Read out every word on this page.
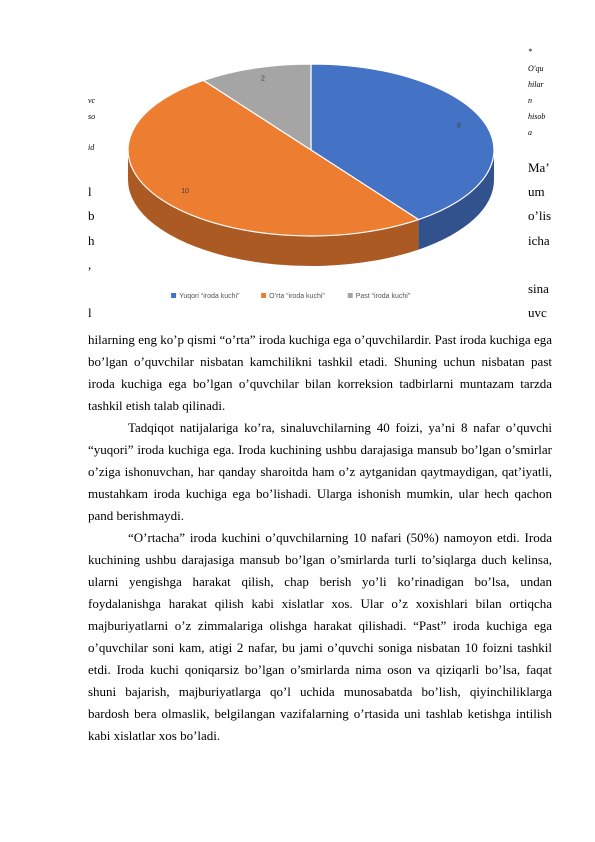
vc
so
id
l
b
h
,
l
*
O'qu
hilar
n
hisob
a
Ma’
um
o’lis
icha
sina
uvc
8
10
2
Yuqori “iroda kuchi”	O’rta “iroda kuchi”	Past “iroda kuchi”

hilarning eng ko’p qismi “o’rta” iroda kuchiga ega o’quvchilardir. Past iroda kuchiga ega bo’lgan o’quvchilar nisbatan kamchilikni tashkil etadi. Shuning uchun nisbatan past iroda kuchiga ega bo’lgan o’quvchilar bilan korreksion tadbirlarni muntazam tarzda tashkil etish talab qilinadi.

Tadqiqot natijalariga ko’ra, sinaluvchilarning 40 foizi, ya’ni 8 nafar o’quvchi “yuqori” iroda kuchiga ega. Iroda kuchining ushbu darajasiga mansub bo’lgan o’smirlar o’ziga ishonuvchan, har qanday sharoitda ham o’z aytganidan qaytmaydigan, qat’iyatli, mustahkam iroda kuchiga ega bo’lishadi. Ularga ishonish mumkin, ular hech qachon pand berishmaydi.

“O’rtacha” iroda kuchini o’quvchilarning 10 nafari (50%) namoyon etdi. Iroda kuchining ushbu darajasiga mansub bo’lgan o’smirlarda turli to’siqlarga duch kelinsa, ularni yengishga harakat qilish, chap berish yo’li ko’rinadigan bo’lsa, undan foydalanishga harakat qilish kabi xislatlar xos. Ular o’z xoxishlari bilan ortiqcha majburiyatlarni o’z zimmalariga olishga harakat qilishadi. “Past” iroda kuchiga ega o’quvchilar soni kam, atigi 2 nafar, bu jami o’quvchi soniga nisbatan 10 foizni tashkil etdi. Iroda kuchi qoniqarsiz bo’lgan o’smirlarda nima oson va qiziqarli bo’lsa, faqat shuni bajarish, majburiyatlarga qo’l uchida munosabatda bo’lish, qiyinchiliklarga bardosh bera olmaslik, belgilangan vazifalarning o’rtasida uni tashlab ketishga intilish kabi xislatlar xos bo’ladi.
